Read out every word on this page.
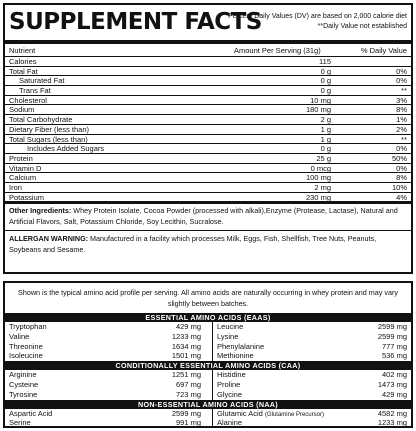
SUPPLEMENT FACTS
*Percent Daily Values (DV) are based on 2,000 calorie diet
**Daily Value not established
Nutrient	Amount Per Serving (31g)	% Daily Value
Calories	115
Total Fat	0 g	0%
Saturated Fat	0 g	0%
Trans Fat	0 g	**
Cholesterol	10 mg	3%
Sodium	180 mg	8%
Total Carbohydrate	2 g	1%
Dietary Fiber (less than)	1 g	2%
Total Sugars (less than)	1 g	**
Includes Added Sugars	0 g	0%
Protein	25 g	50%
Vitamin D	0 mcg	0%
Calcium	100 mg	8%
Iron	2 mg	10%
Potassium	230 mg	4%
Other Ingredients: Whey Protein Isolate, Cocoa Powder (processed with alkali),Enzyme (Protease, Lactase), Natural and Artificial Flavors, Salt, Potassium Chloride, Soy Lecithin, Sucralose.
ALLERGAN WARNING: Manufactured in a facility which processes Milk, Eggs, Fish, Shellfish, Tree Nuts, Peanuts, Soybeans and Sesame.
Shown is the typical amino acid profile per serving. All amino acids are naturally occurring in whey protein and may vary slightly between batches.
ESSENTIAL AMINO ACIDS (EAAS)
Tryptophan	429 mg Leucine	2599 mg
Valine	1233 mg Lysine	2599 mg
Threonine	1634 mg Phenylalanine	777 mg
Isoleucine	1501 mg Methionine	536 mg
CONDITIONALLY ESSENTIAL AMINO ACIDS (CAA)
Arginine	1251 mg Histidine	402 mg
Cysteine	697 mg Proline	1473 mg
Tyrosine	723 mg Glycine	429 mg
NON-ESSENTIAL AMINO ACIDS (NAA)
Aspartic Acid	2599 mg Glutamic Acid (Glutamine Precursor)	4582 mg
Serine	991 mg Alanine	1233 mg
